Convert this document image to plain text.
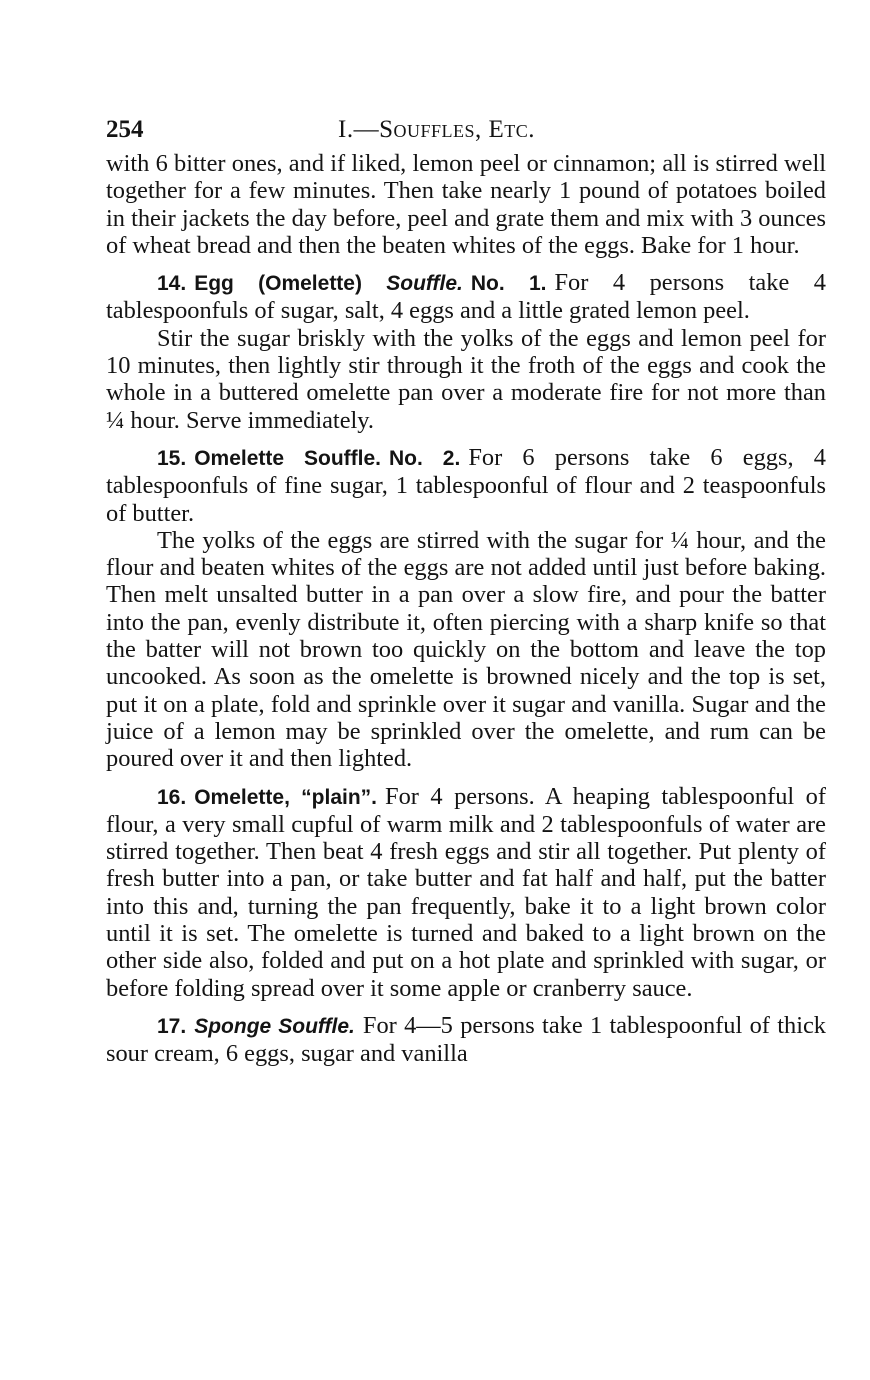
254	I.—Souffles, Etc.

with 6 bitter ones, and if liked, lemon peel or cinnamon; all is stirred well together for a few minutes. Then take nearly 1 pound of potatoes boiled in their jackets the day before, peel and grate them and mix with 3 ounces of wheat bread and then the beaten whites of the eggs. Bake for 1 hour.

14. Egg (Omelette) Souffle. No. 1. For 4 persons take 4 tablespoonfuls of sugar, salt, 4 eggs and a little grated lemon peel.

Stir the sugar briskly with the yolks of the eggs and lemon peel for 10 minutes, then lightly stir through it the froth of the eggs and cook the whole in a buttered omelette pan over a moderate fire for not more than ¼ hour. Serve immediately.

15. Omelette Souffle. No. 2. For 6 persons take 6 eggs, 4 tablespoonfuls of fine sugar, 1 tablespoonful of flour and 2 teaspoonfuls of butter.

The yolks of the eggs are stirred with the sugar for ¼ hour, and the flour and beaten whites of the eggs are not added until just before baking. Then melt unsalted butter in a pan over a slow fire, and pour the batter into the pan, evenly distribute it, often piercing with a sharp knife so that the batter will not brown too quickly on the bottom and leave the top uncooked. As soon as the omelette is browned nicely and the top is set, put it on a plate, fold and sprinkle over it sugar and vanilla. Sugar and the juice of a lemon may be sprinkled over the omelette, and rum can be poured over it and then lighted.

16. Omelette, “plain”. For 4 persons. A heaping tablespoonful of flour, a very small cupful of warm milk and 2 tablespoonfuls of water are stirred together. Then beat 4 fresh eggs and stir all together. Put plenty of fresh butter into a pan, or take butter and fat half and half, put the batter into this and, turning the pan frequently, bake it to a light brown color until it is set. The omelette is turned and baked to a light brown on the other side also, folded and put on a hot plate and sprinkled with sugar, or before folding spread over it some apple or cranberry sauce.

17. Sponge Souffle. For 4—5 persons take 1 tablespoonful of thick sour cream, 6 eggs, sugar and vanilla
